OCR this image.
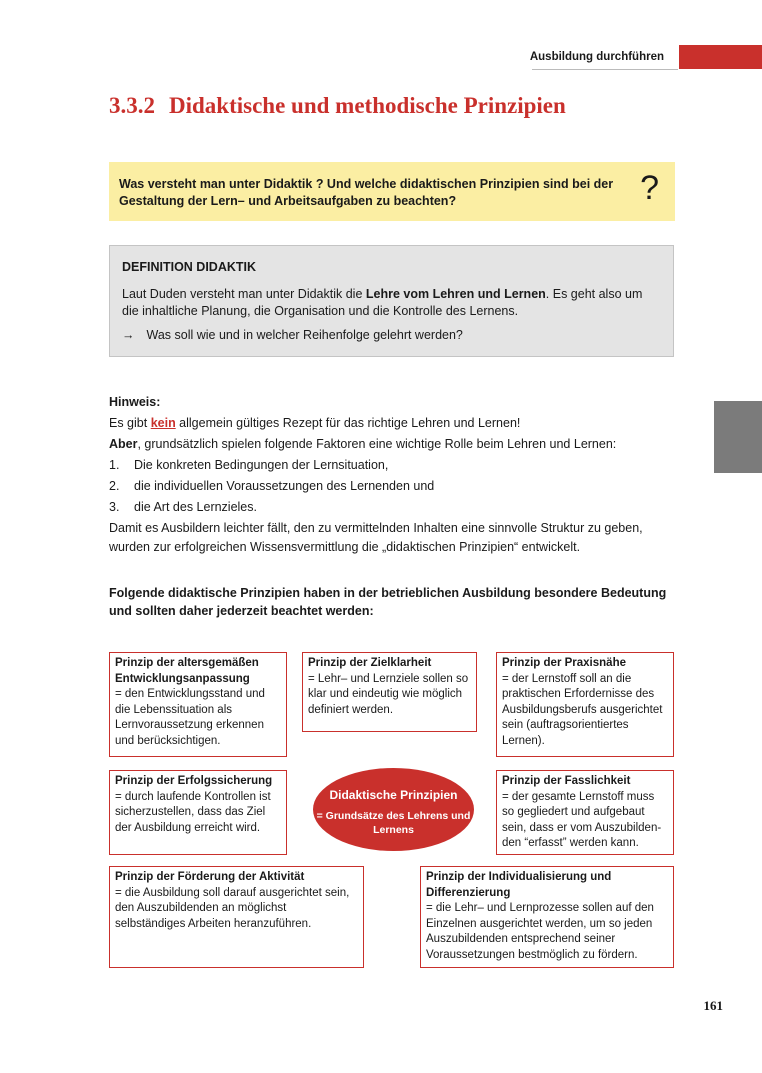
Ausbildung durchführen
3.3.2 Didaktische und methodische Prinzipien
Was versteht man unter Didaktik ? Und welche didaktischen Prinzipien sind bei der Gestaltung der Lern– und Arbeitsaufgaben zu beachten?	?
DEFINITION DIDAKTIK
Laut Duden versteht man unter Didaktik die Lehre vom Lehren und Lernen. Es geht also um die inhaltliche Planung, die Organisation und die Kontrolle des Lernens.
→ Was soll wie und in welcher Reihenfolge gelehrt werden?
Hinweis:
Es gibt kein allgemein gültiges Rezept für das richtige Lehren und Lernen!
Aber, grundsätzlich spielen folgende Faktoren eine wichtige Rolle beim Lehren und Lernen:
1.	Die konkreten Bedingungen der Lernsituation,
2.	die individuellen Voraussetzungen des Lernenden und
3.	die Art des Lernzieles.
Damit es Ausbildern leichter fällt, den zu vermittelnden Inhalten eine sinnvolle Struktur zu geben, wurden zur erfolgreichen Wissensvermittlung die „didaktischen Prinzipien“ entwickelt.
Folgende didaktische Prinzipien haben in der betrieblichen Ausbildung besondere Bedeutung und sollten daher jederzeit beachtet werden:
Prinzip der altersgemäßen Entwicklungsanpassung
= den Entwicklungsstand und die Lebenssituation als Lernvoraussetzung erkennen und berücksichtigen.
Prinzip der Zielklarheit
= Lehr– und Lernziele sollen so klar und eindeutig wie möglich definiert werden.
Prinzip der Praxisnähe
= der Lernstoff soll an die praktischen Erfordernisse des Ausbildungsberufs ausgerichtet sein (auftragsorientiertes Lernen).
Prinzip der Erfolgssicherung
= durch laufende Kontrollen ist sicherzustellen, dass das Ziel der Ausbildung erreicht wird.
Didaktische Prinzipien
= Grundsätze des Lehrens und Lernens
Prinzip der Fasslichkeit
= der gesamte Lernstoff muss so gegliedert und aufgebaut sein, dass er vom Auszubilden-den “erfasst” werden kann.
Prinzip der Förderung der Aktivität
= die Ausbildung soll darauf ausgerichtet sein, den Auszubildenden an möglichst selbständiges Arbeiten heranzuführen.
Prinzip der Individualisierung und Differenzierung
= die Lehr– und Lernprozesse sollen auf den Einzelnen ausgerichtet werden, um so jeden Auszubildenden entsprechend seiner Voraussetzungen bestmöglich zu fördern.
161
